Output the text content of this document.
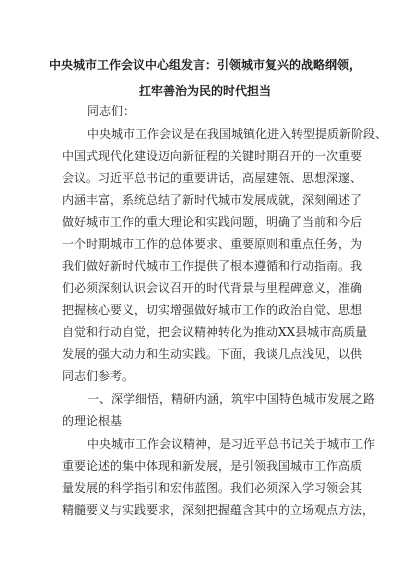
中央城市工作会议中心组发言：引领城市复兴的战略纲领，
扛牢善治为民的时代担当
同志们：
中央城市工作会议是在我国城镇化进入转型提质新阶段、
中国式现代化建设迈向新征程的关键时期召开的一次重要
会议。习近平总书记的重要讲话，高屋建瓴、思想深邃、
内涵丰富，系统总结了新时代城市发展成就，深刻阐述了
做好城市工作的重大理论和实践问题，明确了当前和今后
一个时期城市工作的总体要求、重要原则和重点任务，为
我们做好新时代城市工作提供了根本遵循和行动指南。我
们必须深刻认识会议召开的时代背景与里程碑意义，准确
把握核心要义，切实增强做好城市工作的政治自觉、思想
自觉和行动自觉，把会议精神转化为推动XX县城市高质量
发展的强大动力和生动实践。下面，我谈几点浅见，以供
同志们参考。
一、深学细悟，精研内涵，筑牢中国特色城市发展之路
的理论根基
中央城市工作会议精神，是习近平总书记关于城市工作
重要论述的集中体现和新发展，是引领我国城市工作高质
量发展的科学指引和宏伟蓝图。我们必须深入学习领会其
精髓要义与实践要求，深刻把握蕴含其中的立场观点方法，
